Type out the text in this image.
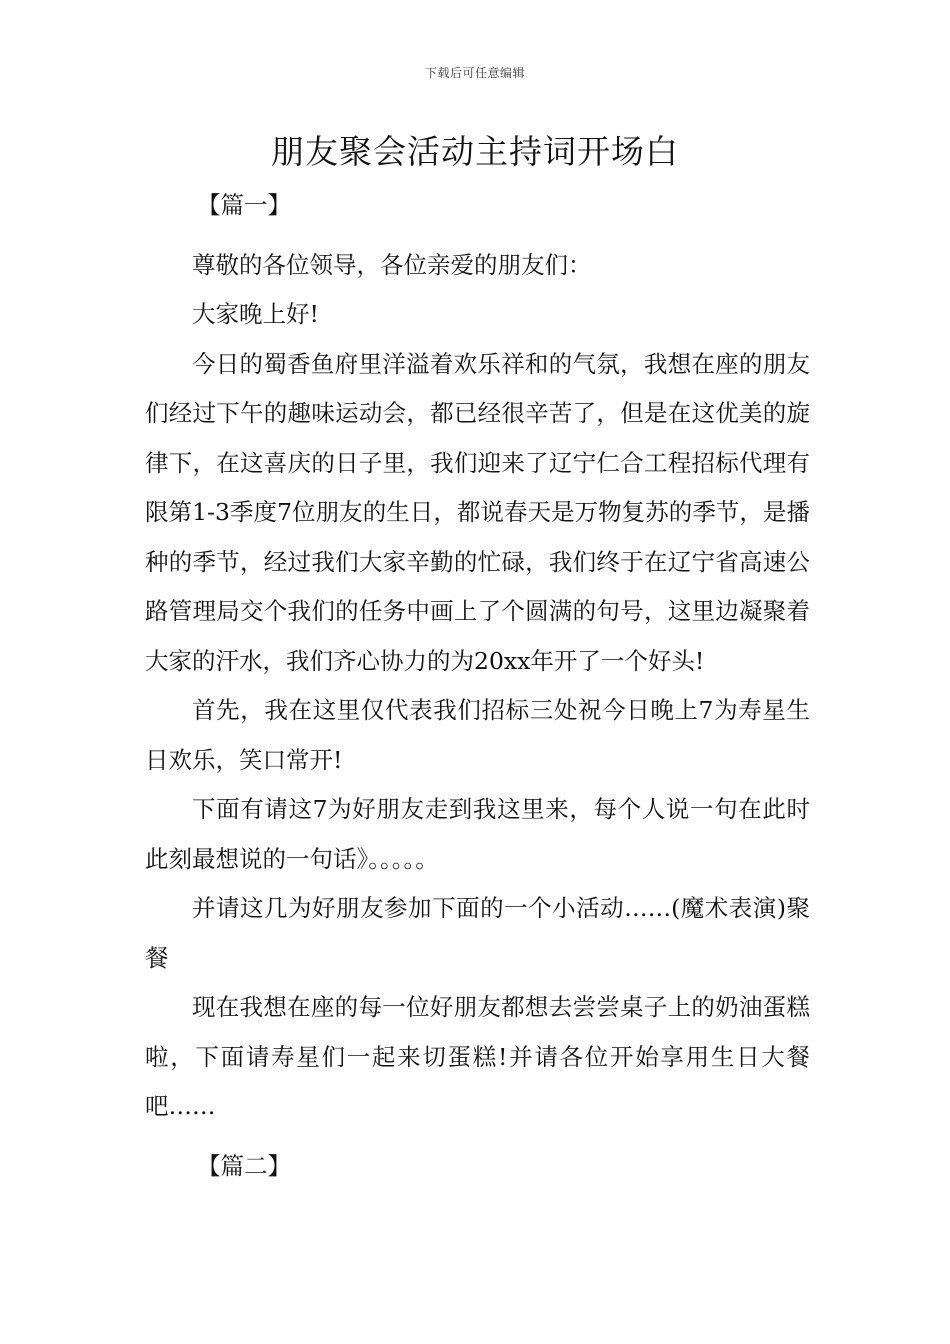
下载后可任意编辑
朋友聚会活动主持词开场白

【篇一】

尊敬的各位领导，各位亲爱的朋友们：

大家晚上好!

今日的蜀香鱼府里洋溢着欢乐祥和的气氛，我想在座的朋友们经过下午的趣味运动会，都已经很辛苦了，但是在这优美的旋律下，在这喜庆的日子里，我们迎来了辽宁仁合工程招标代理有限第1-3季度7位朋友的生日，都说春天是万物复苏的季节，是播种的季节，经过我们大家辛勤的忙碌，我们终于在辽宁省高速公路管理局交个我们的任务中画上了个圆满的句号，这里边凝聚着大家的汗水，我们齐心协力的为20xx年开了一个好头!

首先，我在这里仅代表我们招标三处祝今日晚上7为寿星生日欢乐，笑口常开!

下面有请这7为好朋友走到我这里来，每个人说一句在此时此刻最想说的一句话》。。。。。

并请这几为好朋友参加下面的一个小活动……(魔术表演)聚餐

现在我想在座的每一位好朋友都想去尝尝桌子上的奶油蛋糕啦，下面请寿星们一起来切蛋糕!并请各位开始享用生日大餐吧……

【篇二】
